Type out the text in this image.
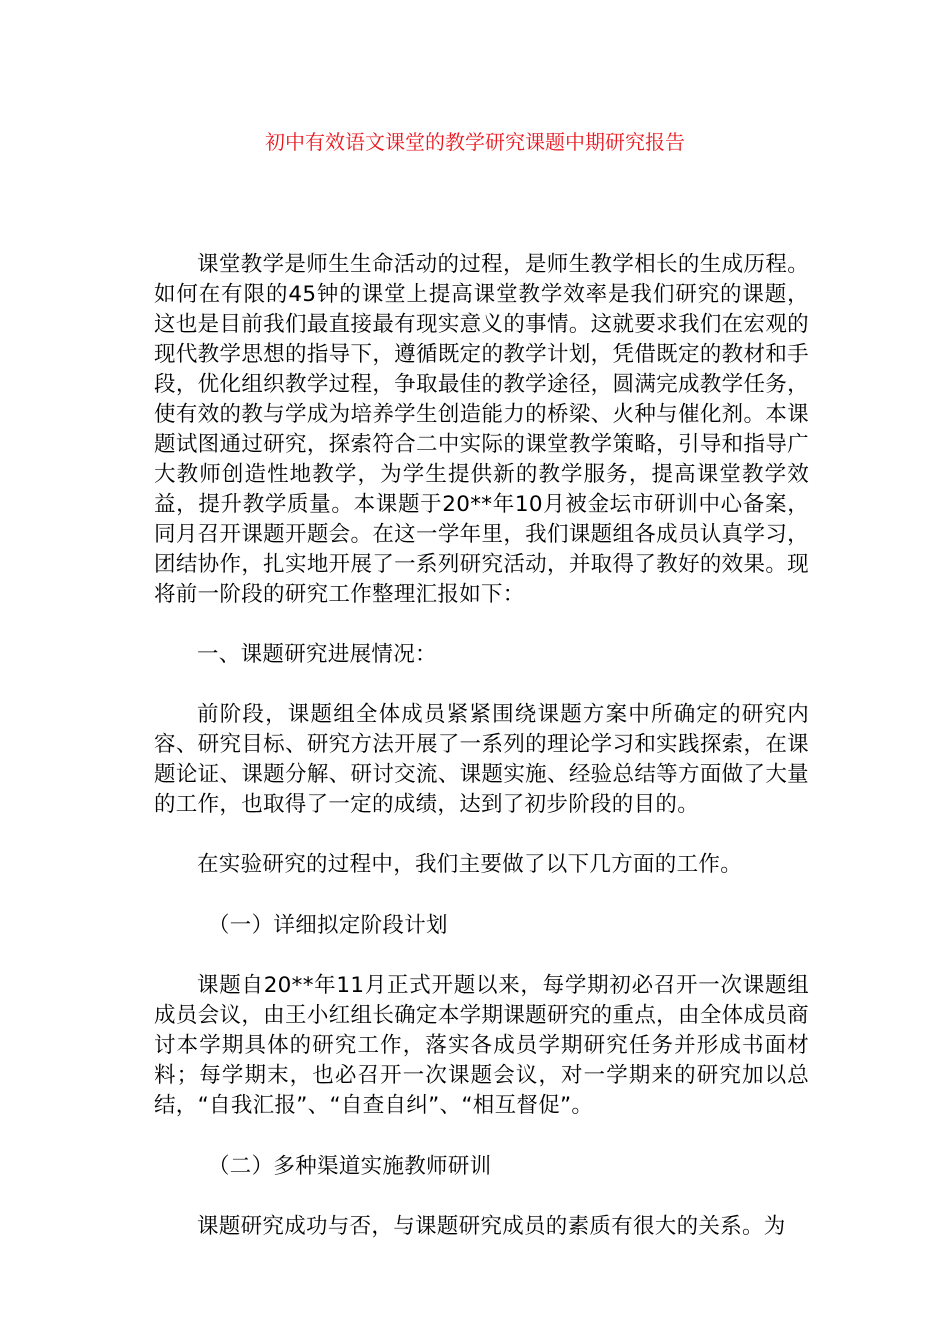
初中有效语文课堂的教学研究课题中期研究报告

课堂教学是师生生命活动的过程，是师生教学相长的生成历程。如何在有限的45钟的课堂上提高课堂教学效率是我们研究的课题，这也是目前我们最直接最有现实意义的事情。这就要求我们在宏观的现代教学思想的指导下，遵循既定的教学计划，凭借既定的教材和手段，优化组织教学过程，争取最佳的教学途径，圆满完成教学任务，使有效的教与学成为培养学生创造能力的桥梁、火种与催化剂。本课题试图通过研究，探索符合二中实际的课堂教学策略，引导和指导广大教师创造性地教学，为学生提供新的教学服务，提高课堂教学效益，提升教学质量。本课题于20**年10月被金坛市研训中心备案，同月召开课题开题会。在这一学年里，我们课题组各成员认真学习，团结协作，扎实地开展了一系列研究活动，并取得了教好的效果。现将前一阶段的研究工作整理汇报如下：

一、课题研究进展情况：

前阶段，课题组全体成员紧紧围绕课题方案中所确定的研究内容、研究目标、研究方法开展了一系列的理论学习和实践探索，在课题论证、课题分解、研讨交流、课题实施、经验总结等方面做了大量的工作，也取得了一定的成绩，达到了初步阶段的目的。

在实验研究的过程中，我们主要做了以下几方面的工作。

（一）详细拟定阶段计划

课题自20**年11月正式开题以来，每学期初必召开一次课题组成员会议，由王小红组长确定本学期课题研究的重点，由全体成员商讨本学期具体的研究工作，落实各成员学期研究任务并形成书面材料；每学期末，也必召开一次课题会议，对一学期来的研究加以总结，“自我汇报”、“自查自纠”、“相互督促”。

（二）多种渠道实施教师研训

课题研究成功与否，与课题研究成员的素质有很大的关系。为
